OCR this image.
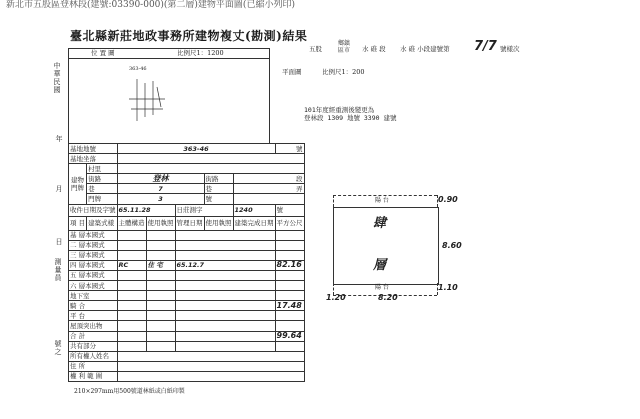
新北市五股區登林段(建號:03390-000)(第二層)建物平面圖(已縮小列印)
臺北縣新莊地政事務所建物複丈(勘測)結果
中華民國
年
月
日
測量員
號之
位 置 圖	比例尺1：1200
363-46
基地地號		363-46					號
基地坐落							
建物門牌	村里						
	街路	登林			街路	段	
	巷	7			巷	弄	
	門牌	3			號		
收件日期及字號		65.11.28		日莊測字		1240	號
項 目	建築式樣	主體構造	使用執照	管理日期	使用執照	建築完成日期	平方公尺
基 層本國式							
二 層本國式							
三 層本國式							
四 層本國式		RC	住 宅	65.12.7			82.16
五 層本國式							
六 層本國式							
地下室							
騎 合							17.48
平 台							
屋頂突出物							
合 計							99.64
共有部分							
所有權人姓名							
住 所							
權 利 範 圍							
210×297mm用500號道林紙或白紙印製
五股
鄉鎮
區市	水 碓 段 水 碓 小段建號第 7/7 號樣次
平面圖	比例尺1：200
101年度經重測後變更為
登林段 1309 地號 3390 建號
陽 台
陽 台
肆
層
0.90
8.60
1.10
1.20	8.20
